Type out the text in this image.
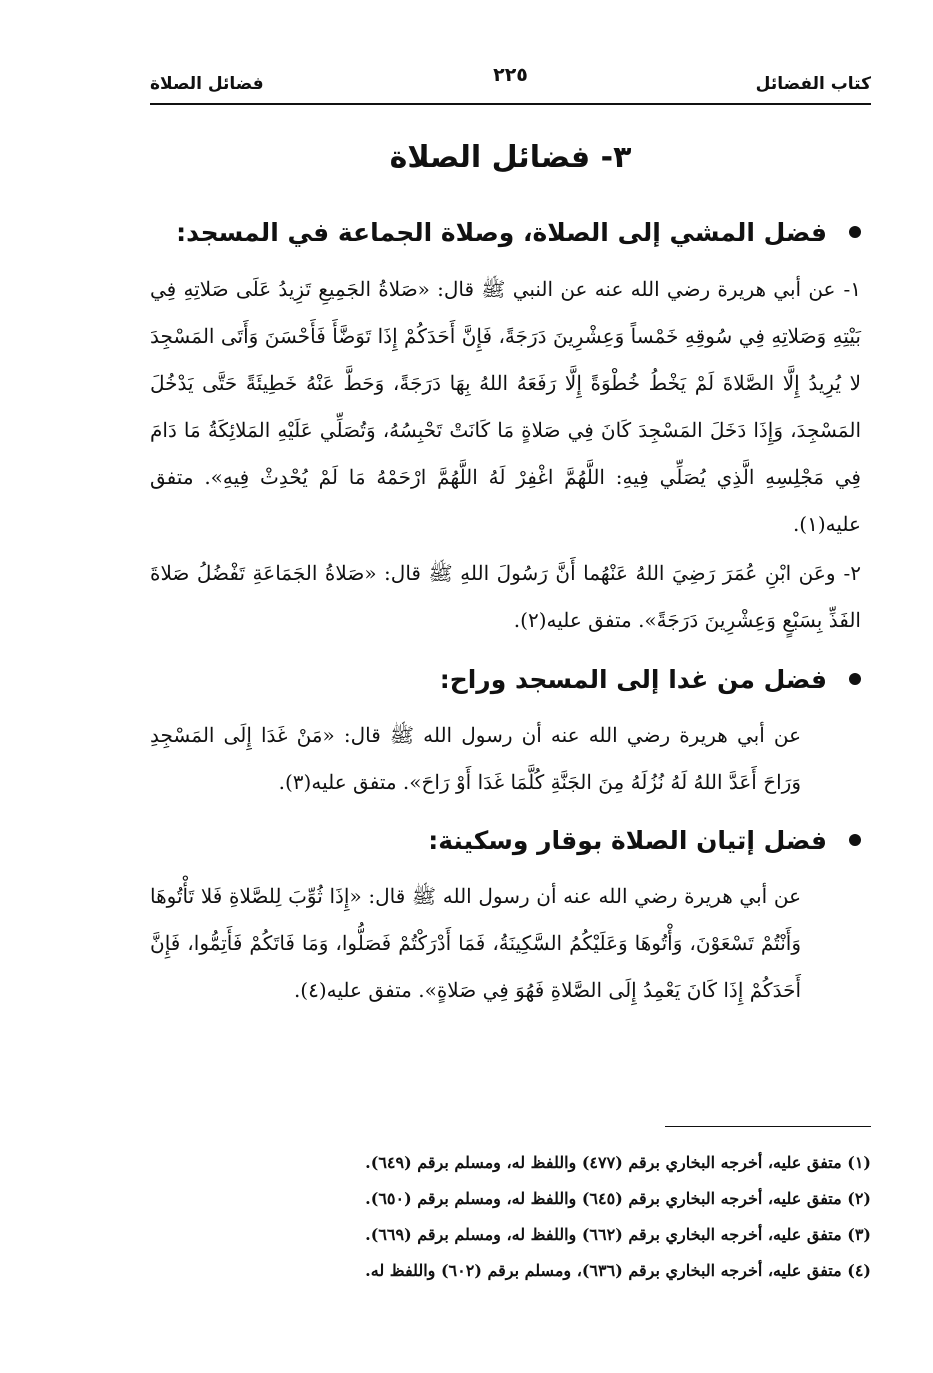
كتاب الفضائل
٢٢٥
فضائل الصلاة
٣- فضائل الصلاة
فضل المشي إلى الصلاة، وصلاة الجماعة في المسجد:
١-عن أبي هريرة رضي الله عنه عن النبي ﷺ قال: «صَلاةُ الجَمِيعِ تَزِيدُ عَلَى صَلاتِهِ فِي بَيْتِهِ وَصَلاتِهِ فِي سُوقِهِ خَمْساً وَعِشْرِينَ دَرَجَةً، فَإِنَّ أَحَدَكُمْ إِذَا تَوَضَّأَ فَأَحْسَنَ وَأَتَى المَسْجِدَ لا يُرِيدُ إِلَّا الصَّلاةَ لَمْ يَخْطُ خُطْوَةً إِلَّا رَفَعَهُ اللهُ بِهَا دَرَجَةً، وَحَطَّ عَنْهُ خَطِيئَةً حَتَّى يَدْخُلَ المَسْجِدَ، وَإِذَا دَخَلَ المَسْجِدَ كَانَ فِي صَلاةٍ مَا كَانَتْ تَحْبِسُهُ، وَتُصَلِّي عَلَيْهِ المَلائِكَةُ مَا دَامَ فِي مَجْلِسِهِ الَّذِي يُصَلِّي فِيهِ: اللَّهُمَّ اغْفِرْ لَهُ اللَّهُمَّ ارْحَمْهُ مَا لَمْ يُحْدِثْ فِيهِ». متفق عليه(١).
٢-وعَن ابْنِ عُمَرَ رَضِيَ اللهُ عَنْهُما أَنَّ رَسُولَ اللهِ ﷺ قال: «صَلاةُ الجَمَاعَةِ تَفْضُلُ صَلاةَ الفَذِّ بِسَبْعٍ وَعِشْرِينَ دَرَجَةً». متفق عليه(٢).
فضل من غدا إلى المسجد وراح:
عن أبي هريرة رضي الله عنه أن رسول الله ﷺ قال: «مَنْ غَدَا إِلَى المَسْجِدِ وَرَاحَ أَعَدَّ اللهُ لَهُ نُزُلَهُ مِنَ الجَنَّةِ كُلَّمَا غَدَا أَوْ رَاحَ». متفق عليه(٣).
فضل إتيان الصلاة بوقار وسكينة:
عن أبي هريرة رضي الله عنه أن رسول الله ﷺ قال: «إِذَا ثُوِّبَ لِلصَّلاةِ فَلا تَأْتُوهَا وَأَنْتُمْ تَسْعَوْنَ، وَأْتُوهَا وَعَلَيْكُمُ السَّكِينَةُ، فَمَا أَدْرَكْتُمْ فَصَلُّوا، وَمَا فَاتَكُمْ فَأَتِمُّوا، فَإِنَّ أَحَدَكُمْ إِذَا كَانَ يَعْمِدُ إِلَى الصَّلاةِ فَهُوَ فِي صَلاةٍ». متفق عليه(٤).
(١) متفق عليه، أخرجه البخاري برقم (٤٧٧) واللفظ له، ومسلم برقم (٦٤٩).
(٢) متفق عليه، أخرجه البخاري برقم (٦٤٥) واللفظ له، ومسلم برقم (٦٥٠).
(٣) متفق عليه، أخرجه البخاري برقم (٦٦٢) واللفظ له، ومسلم برقم (٦٦٩).
(٤) متفق عليه، أخرجه البخاري برقم (٦٣٦)، ومسلم برقم (٦٠٢) واللفظ له.
